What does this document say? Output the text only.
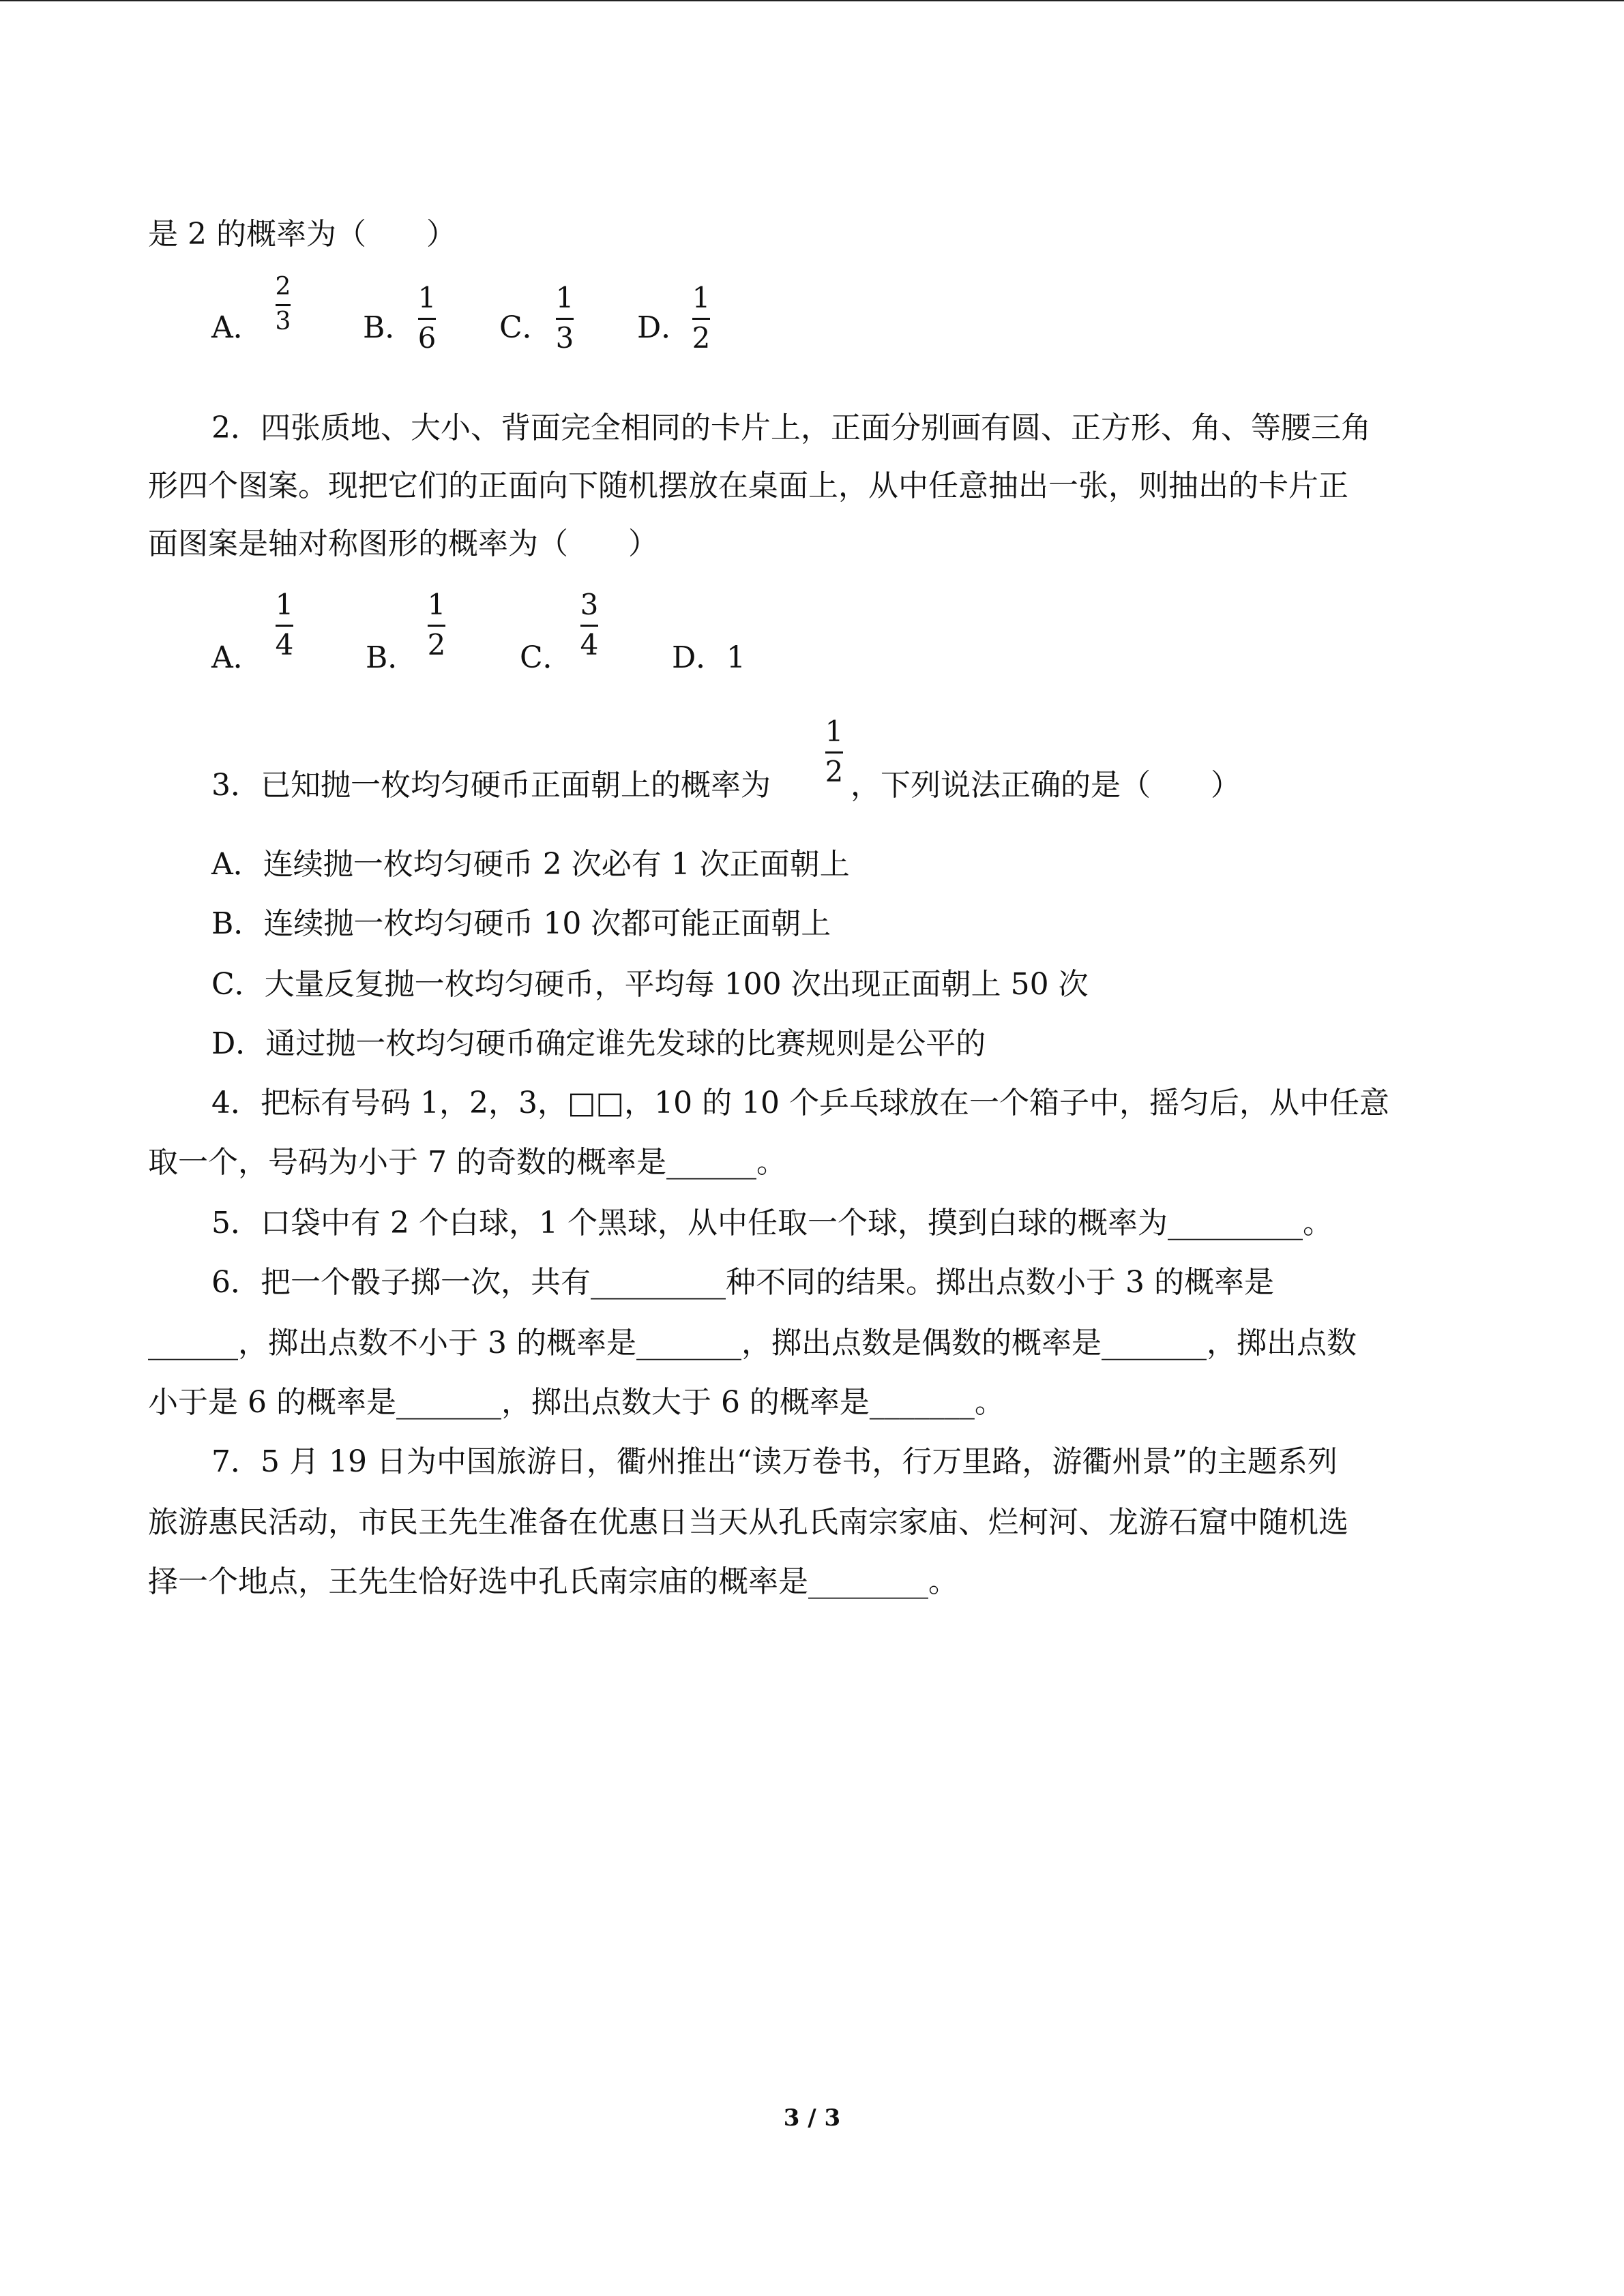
是 2 的概率为（　　）
A．
2
3 B．
1
6 C．
1
3 D．
1
2
2．四张质地、大小、背面完全相同的卡片上，正面分别画有圆、正方形、角、等腰三角
形四个图案。现把它们的正面向下随机摆放在桌面上，从中任意抽出一张，则抽出的卡片正
面图案是轴对称图形的概率为（　　）
A．
1
4 B．
1
2 C．
3
4 D． 1
3．已知抛一枚均匀硬币正面朝上的概率为
1
2 ，下列说法正确的是（　　）
A．连续抛一枚均匀硬币 2 次必有 1 次正面朝上
B．连续抛一枚均匀硬币 10 次都可能正面朝上
C．大量反复抛一枚均匀硬币，平均每 100 次出现正面朝上 50 次
D．通过抛一枚均匀硬币确定谁先发球的比赛规则是公平的
4．把标有号码 1，2，3，□□，10 的 10 个乒乓球放在一个箱子中，摇匀后，从中任意
取一个，号码为小于 7 的奇数的概率是______。
5．口袋中有 2 个白球，1 个黑球，从中任取一个球，摸到白球的概率为_________。
6．把一个骰子掷一次，共有_________种不同的结果。掷出点数小于 3 的概率是
______，掷出点数不小于 3 的概率是_______，掷出点数是偶数的概率是_______，掷出点数
小于是 6 的概率是_______，掷出点数大于 6 的概率是_______。
7．5 月 19 日为中国旅游日，衢州推出“读万卷书，行万里路，游衢州景”的主题系列
旅游惠民活动，市民王先生准备在优惠日当天从孔氏南宗家庙、烂柯河、龙游石窟中随机选
择一个地点，王先生恰好选中孔氏南宗庙的概率是________。
3 / 3
